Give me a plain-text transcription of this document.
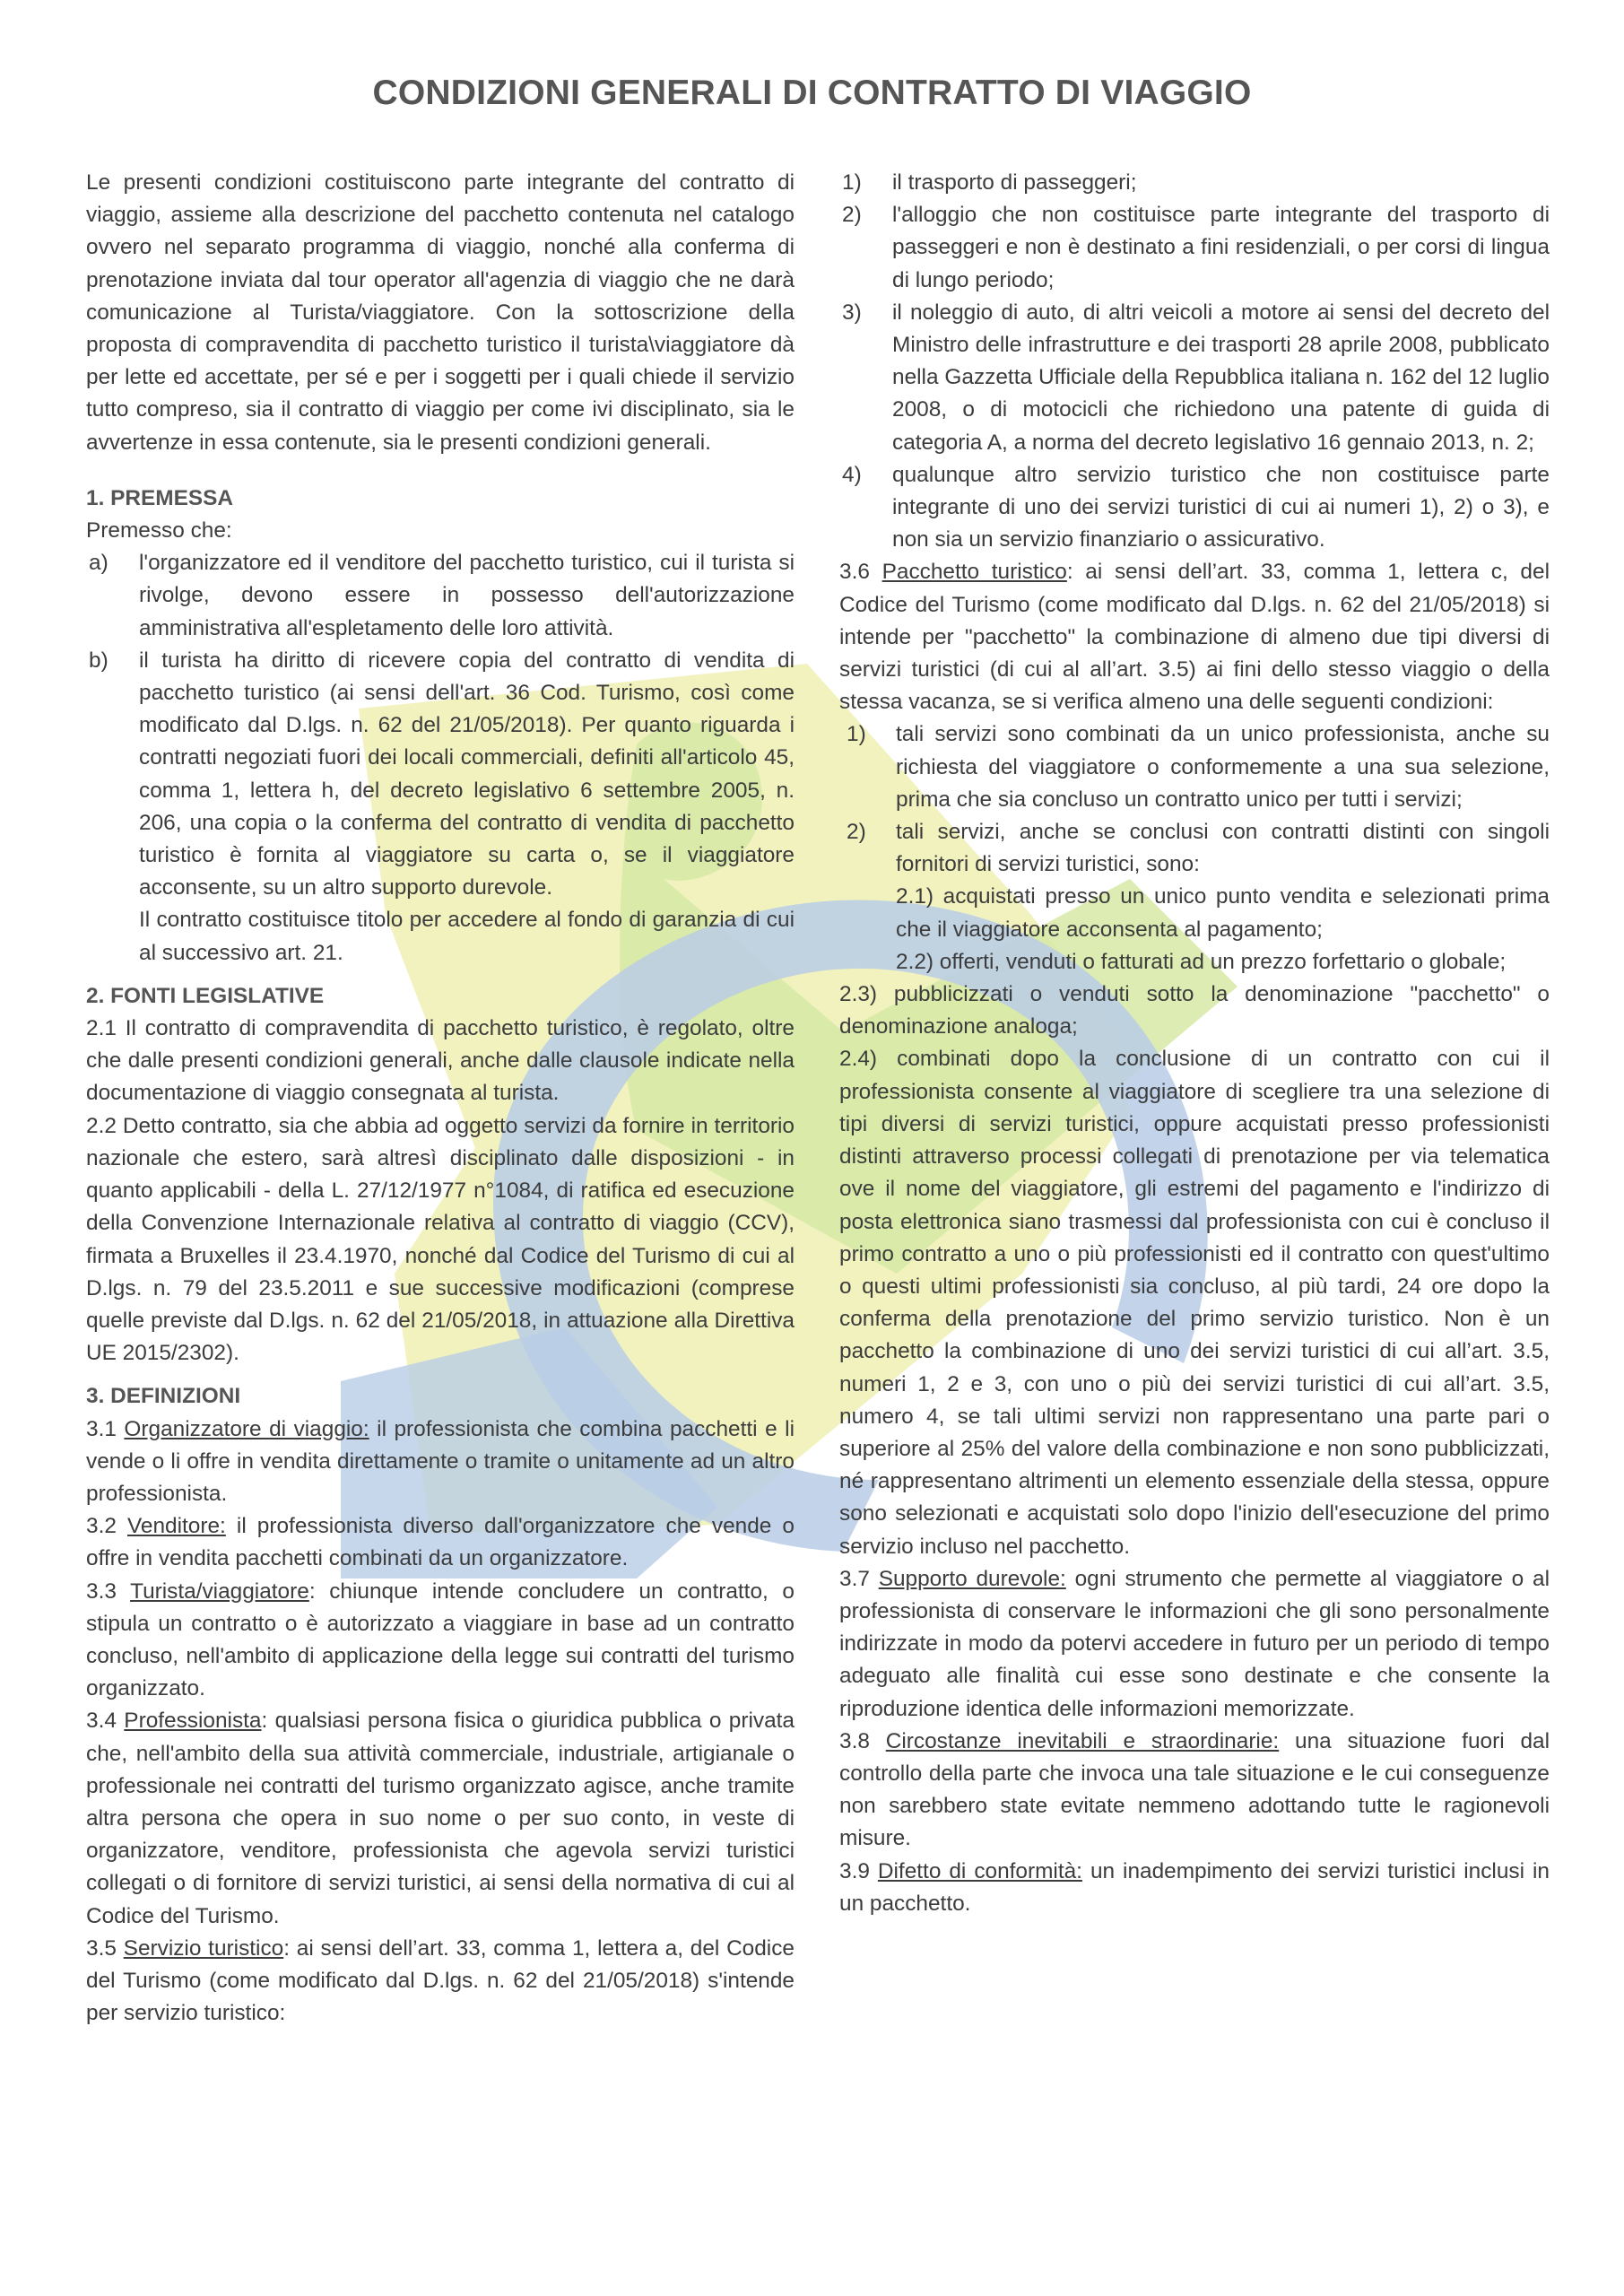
CONDIZIONI GENERALI DI CONTRATTO DI VIAGGIO

Le presenti condizioni costituiscono parte integrante del contratto di viaggio, assieme alla descrizione del pacchetto contenuta nel catalogo ovvero nel separato programma di viaggio, nonché alla conferma di prenotazione inviata dal tour operator all'agenzia di viaggio che ne darà comunicazione al Turista/viaggiatore. Con la sottoscrizione della proposta di compravendita di pacchetto turistico il turista\viaggiatore dà per lette ed accettate, per sé e per i soggetti per i quali chiede il servizio tutto compreso, sia il contratto di viaggio per come ivi disciplinato, sia le avvertenze in essa contenute, sia le presenti condizioni generali.

1. PREMESSA

Premesso che:

a) l'organizzatore ed il venditore del pacchetto turistico, cui il turista si rivolge, devono essere in possesso dell'autorizzazione amministrativa all'espletamento delle loro attività.
b) il turista ha diritto di ricevere copia del contratto di vendita di pacchetto turistico (ai sensi dell'art. 36 Cod. Turismo, così come modificato dal D.lgs. n. 62 del 21/05/2018). Per quanto riguarda i contratti negoziati fuori dei locali commerciali, definiti all'articolo 45, comma 1, lettera h, del decreto legislativo 6 settembre 2005, n. 206, una copia o la conferma del contratto di vendita di pacchetto turistico è fornita al viaggiatore su carta o, se il viaggiatore acconsente, su un altro supporto durevole.

Il contratto costituisce titolo per accedere al fondo di garanzia di cui al successivo art. 21.

2. FONTI LEGISLATIVE

2.1 Il contratto di compravendita di pacchetto turistico, è regolato, oltre che dalle presenti condizioni generali, anche dalle clausole indicate nella documentazione di viaggio consegnata al turista.

2.2 Detto contratto, sia che abbia ad oggetto servizi da fornire in territorio nazionale che estero, sarà altresì disciplinato dalle disposizioni - in quanto applicabili - della L. 27/12/1977 n°1084, di ratifica ed esecuzione della Convenzione Internazionale relativa al contratto di viaggio (CCV), firmata a Bruxelles il 23.4.1970, nonché dal Codice del Turismo di cui al D.lgs. n. 79 del 23.5.2011 e sue successive modificazioni (comprese quelle previste dal D.lgs. n. 62 del 21/05/2018, in attuazione alla Direttiva UE 2015/2302).

3. DEFINIZIONI

3.1 Organizzatore di viaggio: il professionista che combina pacchetti e li vende o li offre in vendita direttamente o tramite o unitamente ad un altro professionista.

3.2 Venditore: il professionista diverso dall'organizzatore che vende o offre in vendita pacchetti combinati da un organizzatore.

3.3 Turista/viaggiatore: chiunque intende concludere un contratto, o stipula un contratto o è autorizzato a viaggiare in base ad un contratto concluso, nell'ambito di applicazione della legge sui contratti del turismo organizzato.

3.4 Professionista: qualsiasi persona fisica o giuridica pubblica o privata che, nell'ambito della sua attività commerciale, industriale, artigianale o professionale nei contratti del turismo organizzato agisce, anche tramite altra persona che opera in suo nome o per suo conto, in veste di organizzatore, venditore, professionista che agevola servizi turistici collegati o di fornitore di servizi turistici, ai sensi della normativa di cui al Codice del Turismo.

3.5 Servizio turistico: ai sensi dell’art. 33, comma 1, lettera a, del Codice del Turismo (come modificato dal D.lgs. n. 62 del 21/05/2018) s'intende per servizio turistico:

1) il trasporto di passeggeri;
2) l'alloggio che non costituisce parte integrante del trasporto di passeggeri e non è destinato a fini residenziali, o per corsi di lingua di lungo periodo;
3) il noleggio di auto, di altri veicoli a motore ai sensi del decreto del Ministro delle infrastrutture e dei trasporti 28 aprile 2008, pubblicato nella Gazzetta Ufficiale della Repubblica italiana n. 162 del 12 luglio 2008, o di motocicli che richiedono una patente di guida di categoria A, a norma del decreto legislativo 16 gennaio 2013, n. 2;
4) qualunque altro servizio turistico che non costituisce parte integrante di uno dei servizi turistici di cui ai numeri 1), 2) o 3), e non sia un servizio finanziario o assicurativo.

3.6 Pacchetto turistico: ai sensi dell’art. 33, comma 1, lettera c, del Codice del Turismo (come modificato dal D.lgs. n. 62 del 21/05/2018) si intende per "pacchetto" la combinazione di almeno due tipi diversi di servizi turistici (di cui al all’art. 3.5) ai fini dello stesso viaggio o della stessa vacanza, se si verifica almeno una delle seguenti condizioni:

1) tali servizi sono combinati da un unico professionista, anche su richiesta del viaggiatore o conformemente a una sua selezione, prima che sia concluso un contratto unico per tutti i servizi;
2) tali servizi, anche se conclusi con contratti distinti con singoli fornitori di servizi turistici, sono:

2.1) acquistati presso un unico punto vendita e selezionati prima che il viaggiatore acconsenta al pagamento;

2.2) offerti, venduti o fatturati ad un prezzo forfettario o globale;

2.3) pubblicizzati o venduti sotto la denominazione "pacchetto" o denominazione analoga;

2.4) combinati dopo la conclusione di un contratto con cui il professionista consente al viaggiatore di scegliere tra una selezione di tipi diversi di servizi turistici, oppure acquistati presso professionisti distinti attraverso processi collegati di prenotazione per via telematica ove il nome del viaggiatore, gli estremi del pagamento e l'indirizzo di posta elettronica siano trasmessi dal professionista con cui è concluso il primo contratto a uno o più professionisti ed il contratto con quest'ultimo o questi ultimi professionisti sia concluso, al più tardi, 24 ore dopo la conferma della prenotazione del primo servizio turistico. Non è un pacchetto la combinazione di uno dei servizi turistici di cui all’art. 3.5, numeri 1, 2 e 3, con uno o più dei servizi turistici di cui all’art. 3.5, numero 4, se tali ultimi servizi non rappresentano una parte pari o superiore al 25% del valore della combinazione e non sono pubblicizzati, né rappresentano altrimenti un elemento essenziale della stessa, oppure sono selezionati e acquistati solo dopo l'inizio dell'esecuzione del primo servizio incluso nel pacchetto.

3.7 Supporto durevole: ogni strumento che permette al viaggiatore o al professionista di conservare le informazioni che gli sono personalmente indirizzate in modo da potervi accedere in futuro per un periodo di tempo adeguato alle finalità cui esse sono destinate e che consente la riproduzione identica delle informazioni memorizzate.

3.8 Circostanze inevitabili e straordinarie: una situazione fuori dal controllo della parte che invoca una tale situazione e le cui conseguenze non sarebbero state evitate nemmeno adottando tutte le ragionevoli misure.

3.9 Difetto di conformità: un inadempimento dei servizi turistici inclusi in un pacchetto.
